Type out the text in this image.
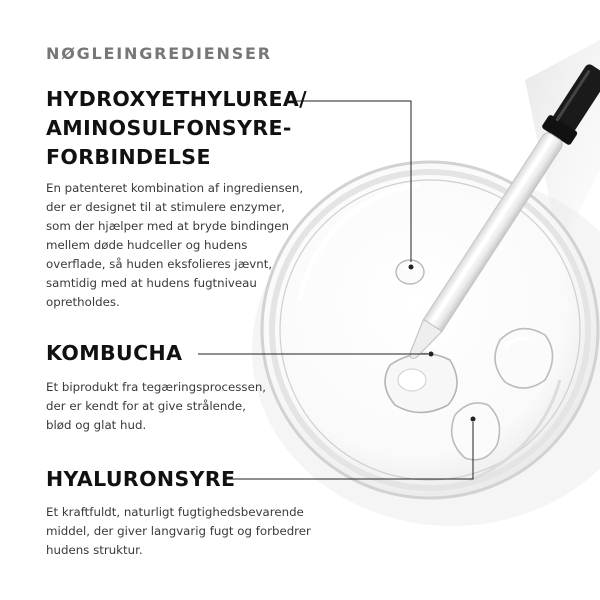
NØGLEINGREDIENSER
HYDROXYETHYLUREA/
AMINOSULFONSYRE-
FORBINDELSE
En patenteret kombination af ingrediensen,
der er designet til at stimulere enzymer,
som der hjælper med at bryde bindingen
mellem døde hudceller og hudens
overflade, så huden eksfolieres jævnt,
samtidig med at hudens fugtniveau
opretholdes.
KOMBUCHA
Et biprodukt fra tegæringsprocessen,
der er kendt for at give strålende,
blød og glat hud.
HYALURONSYRE
Et kraftfuldt, naturligt fugtighedsbevarende
middel, der giver langvarig fugt og forbedrer
hudens struktur.
